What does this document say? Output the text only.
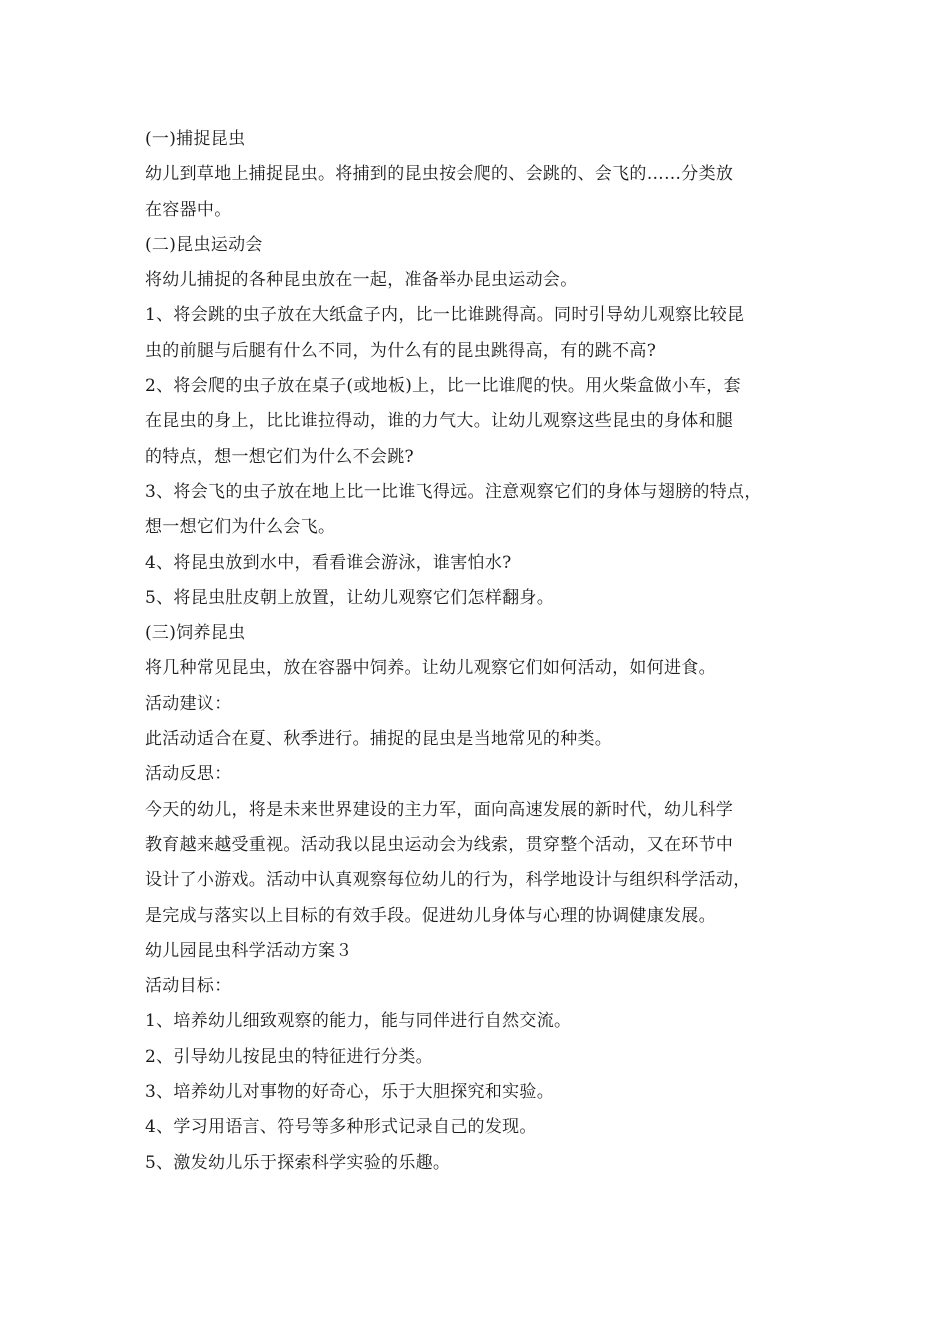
(一)捕捉昆虫
幼儿到草地上捕捉昆虫。将捕到的昆虫按会爬的、会跳的、会飞的……分类放
在容器中。
(二)昆虫运动会
将幼儿捕捉的各种昆虫放在一起，准备举办昆虫运动会。
1、将会跳的虫子放在大纸盒子内，比一比谁跳得高。同时引导幼儿观察比较昆
虫的前腿与后腿有什么不同，为什么有的昆虫跳得高，有的跳不高?
2、将会爬的虫子放在桌子(或地板)上，比一比谁爬的快。用火柴盒做小车，套
在昆虫的身上，比比谁拉得动，谁的力气大。让幼儿观察这些昆虫的身体和腿
的特点，想一想它们为什么不会跳?
3、将会飞的虫子放在地上比一比谁飞得远。注意观察它们的身体与翅膀的特点，
想一想它们为什么会飞。
4、将昆虫放到水中，看看谁会游泳，谁害怕水?
5、将昆虫肚皮朝上放置，让幼儿观察它们怎样翻身。
(三)饲养昆虫
将几种常见昆虫，放在容器中饲养。让幼儿观察它们如何活动，如何进食。
活动建议：
此活动适合在夏、秋季进行。捕捉的昆虫是当地常见的种类。
活动反思：
今天的幼儿，将是未来世界建设的主力军，面向高速发展的新时代，幼儿科学
教育越来越受重视。活动我以昆虫运动会为线索，贯穿整个活动，又在环节中
设计了小游戏。活动中认真观察每位幼儿的行为，科学地设计与组织科学活动，
是完成与落实以上目标的有效手段。促进幼儿身体与心理的协调健康发展。
幼儿园昆虫科学活动方案３
活动目标：
1、培养幼儿细致观察的能力，能与同伴进行自然交流。
2、引导幼儿按昆虫的特征进行分类。
3、培养幼儿对事物的好奇心，乐于大胆探究和实验。
4、学习用语言、符号等多种形式记录自己的发现。
5、激发幼儿乐于探索科学实验的乐趣。
